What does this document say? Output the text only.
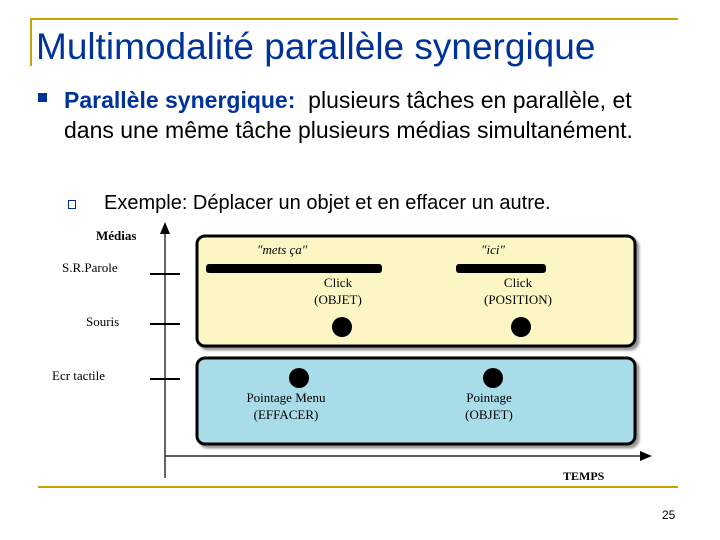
Multimodalité parallèle synergique
Parallèle synergique: plusieurs tâches en parallèle, et dans une même tâche plusieurs médias simultanément.
Exemple: Déplacer un objet et en effacer un autre.
Médias
TEMPS
S.R.Parole
Souris
Ecr tactile
"mets ça"	"ici"
Click
(OBJET)
Click
(POSITION)
Pointage Menu
(EFFACER)
Pointage
(OBJET)
25
